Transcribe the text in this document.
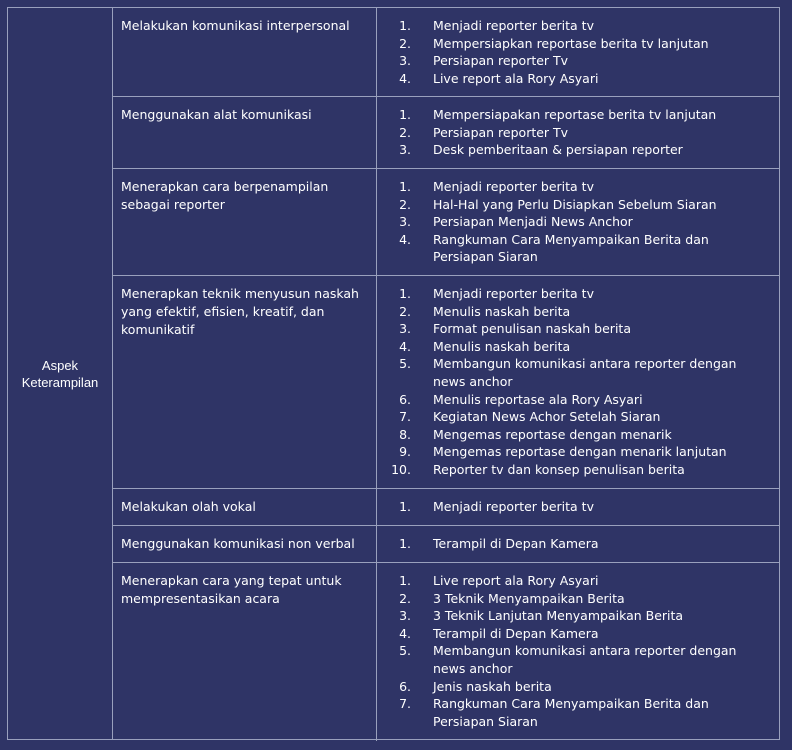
Aspek
Keterampilan
Melakukan komunikasi interpersonal	1. Menjadi reporter berita tv
2. Mempersiapkan reportase berita tv lanjutan
3. Persiapan reporter Tv
4. Live report ala Rory Asyari
Menggunakan alat komunikasi	1. Mempersiapakan reportase berita tv lanjutan
2. Persiapan reporter Tv
3. Desk pemberitaan & persiapan reporter
Menerapkan cara berpenampilan sebagai reporter
1. Menjadi reporter berita tv
2. Hal-Hal yang Perlu Disiapkan Sebelum Siaran
3. Persiapan Menjadi News Anchor
4. Rangkuman Cara Menyampaikan Berita dan Persiapan Siaran
Menerapkan teknik menyusun naskah yang efektif, efisien, kreatif, dan komunikatif
1. Menjadi reporter berita tv
2. Menulis naskah berita
3. Format penulisan naskah berita
4. Menulis naskah berita
5. Membangun komunikasi antara reporter dengan news anchor
6. Menulis reportase ala Rory Asyari
7. Kegiatan News Achor Setelah Siaran
8. Mengemas reportase dengan menarik
9. Mengemas reportase dengan menarik lanjutan
10. Reporter tv dan konsep penulisan berita
Melakukan olah vokal	1. Menjadi reporter berita tv
Menggunakan komunikasi non verbal	1. Terampil di Depan Kamera
Menerapkan cara yang tepat untuk mempresentasikan acara
1. Live report ala Rory Asyari
2. 3 Teknik Menyampaikan Berita
3. 3 Teknik Lanjutan Menyampaikan Berita
4. Terampil di Depan Kamera
5. Membangun komunikasi antara reporter dengan news anchor
6. Jenis naskah berita
7. Rangkuman Cara Menyampaikan Berita dan Persiapan Siaran
